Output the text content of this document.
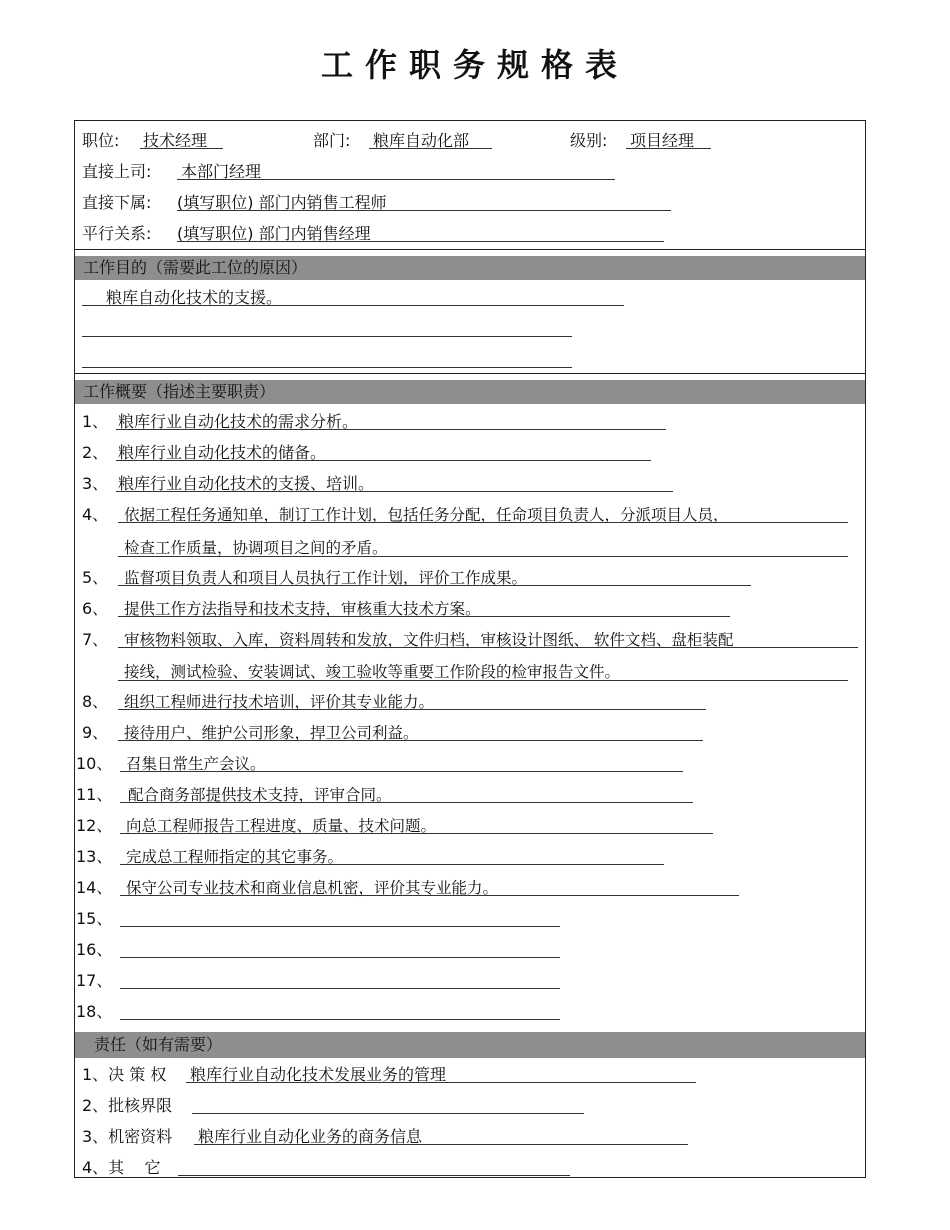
工作职务规格表
职位: 技术经理	部门: 粮库自动化部	级别: 项目经理
直接上司: 本部门经理
直接下属: (填写职位) 部门内销售工程师
平行关系: (填写职位) 部门内销售经理
工作目的（需要此工位的原因）
粮库自动化技术的支援。
工作概要（指述主要职责）
1、 粮库行业自动化技术的需求分析。
2、 粮库行业自动化技术的储备。
3、 粮库行业自动化技术的支援、培训。
4、 依据工程任务通知单，制订工作计划，包括任务分配，任命项目负责人，分派项目人员，
检查工作质量，协调项目之间的矛盾。
5、 监督项目负责人和项目人员执行工作计划，评价工作成果。
6、 提供工作方法指导和技术支持，审核重大技术方案。
7、 审核物料领取、入库，资料周转和发放，文件归档，审核设计图纸、 软件文档、盘柜装配
接线，测试检验、安装调试、竣工验收等重要工作阶段的检审报告文件。
8、 组织工程师进行技术培训，评价其专业能力。
9、 接待用户、维护公司形象，捍卫公司利益。
10、 召集日常生产会议。
11、 配合商务部提供技术支持，评审合同。
12、 向总工程师报告工程进度、质量、技术问题。
13、 完成总工程师指定的其它事务。
14、 保守公司专业技术和商业信息机密，评价其专业能力。
15、
16、
17、
18、
责任（如有需要）
1、决 策 权 粮库行业自动化技术发展业务的管理
2、批核界限
3、机密资料 粮库行业自动化业务的商务信息
4、其    它
